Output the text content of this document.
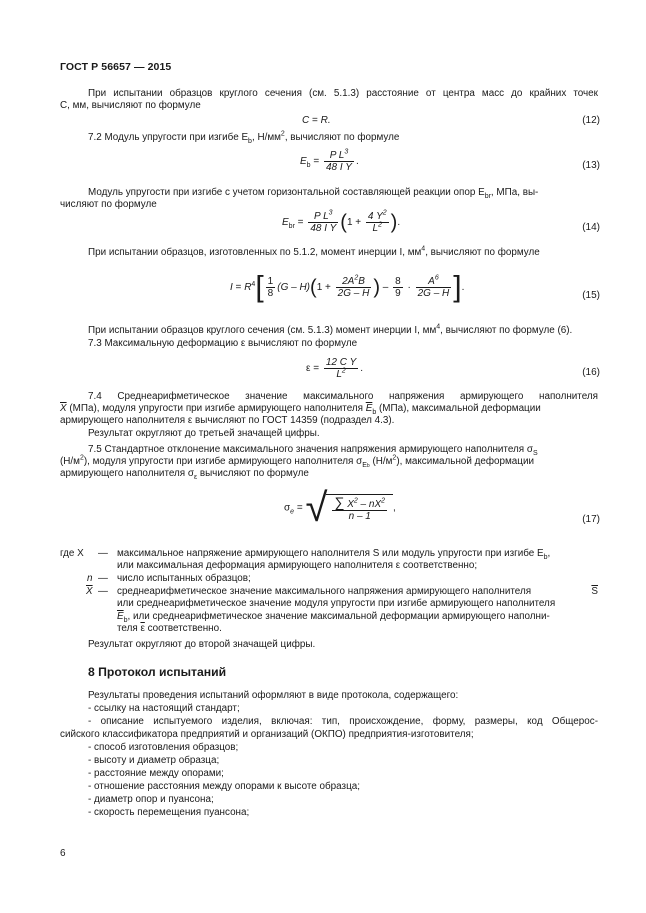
ГОСТ Р 56657 — 2015
При испытании образцов круглого сечения (см. 5.1.3) расстояние от центра масс до крайних точек
С, мм, вычисляют по формуле
C = R.	(12)
7.2 Модуль упругости при изгибе $E_b$, $Н/мм^2$, вычисляют по формуле
$E_b = \frac{P L^3}{\text{48 I Y}}$ .	(13)
Модуль упругости при изгибе с учетом горизонтальной составляющей реакции опор $E_{br}$, МПа, вы-
числяют по формуле
$E_{br} = \frac{P L^3}{\text{48 I Y}} (1 + \frac{4 Y^2}{L^2}$ ).	(14)
При испытании образцов, изготовленных по 5.1.2, момент инерции I, $мм^4$, вычисляют по формуле
$I = R^4[ \frac{1}{8} (G - H)(1 + \frac{2A^2B}{2G - H}$ ) – $\frac{8}{9} \cdot \frac{A^6}{2G - H}$ ].
(15)
При испытании образцов круглого сечения (см. 5.1.3) момент инерции I, $мм^4$, вычисляют по формуле (6).
7.3 Максимальную деформацию ε вычисляют по формуле
$\varepsilon = \frac{\text{12 C Y}}{L^2}$ .	(16)
7.4 Среднеарифметическое значение максимального напряжения армирующего наполнителя
$\overline{X}$ (МПа), модуля упругости при изгибе армирующего наполнителя $\overline{E}_b$ (МПа), максимальной деформации
армирующего наполнителя ε вычисляют по ГОСТ 14359 (подраздел 4.3).
Результат округляют до третьей значащей цифры.
7.5 Стандартное отклонение максимального значения напряжения армирующего наполнителя $\sigma_S$
$(Н/м^2)$, модуля упругости при изгибе армирующего наполнителя $\sigma_{Eb}$ $(Н/м^2)$, максимальной деформации
армирующего наполнителя $\sigma_\varepsilon$ вычисляют по формуле
$\sigma_e$ = √ $\frac{\sum X^2 - nX^2}{n - 1}$ ,
(17)
где X — максимальное напряжение армирующего наполнителя S или модуль упругости при изгибе $E_b$,
или максимальная деформация армирующего наполнителя ε соответственно;
n — число испытанных образцов;
$\overline{X}$ — среднеарифметическое значение максимального напряжения армирующего наполнителя	$\overline{S}$
или среднеарифметическое значение модуля упругости при изгибе армирующего наполнителя
$\overline{E}_b$, или среднеарифметическое значение максимальной деформации армирующего наполни-
теля $\overline{\varepsilon}$ соответственно.
Результат округляют до второй значащей цифры.
8 Протокол испытаний
Результаты проведения испытаний оформляют в виде протокола, содержащего:
- ссылку на настоящий стандарт;
- описание испытуемого изделия, включая: тип, происхождение, форму, размеры, код Общерос-
сийского классификатора предприятий и организаций (ОКПО) предприятия-изготовителя;
- способ изготовления образцов;
- высоту и диаметр образца;
- расстояние между опорами;
- отношение расстояния между опорами к высоте образца;
- диаметр опор и пуансона;
- скорость перемещения пуансона;
6
